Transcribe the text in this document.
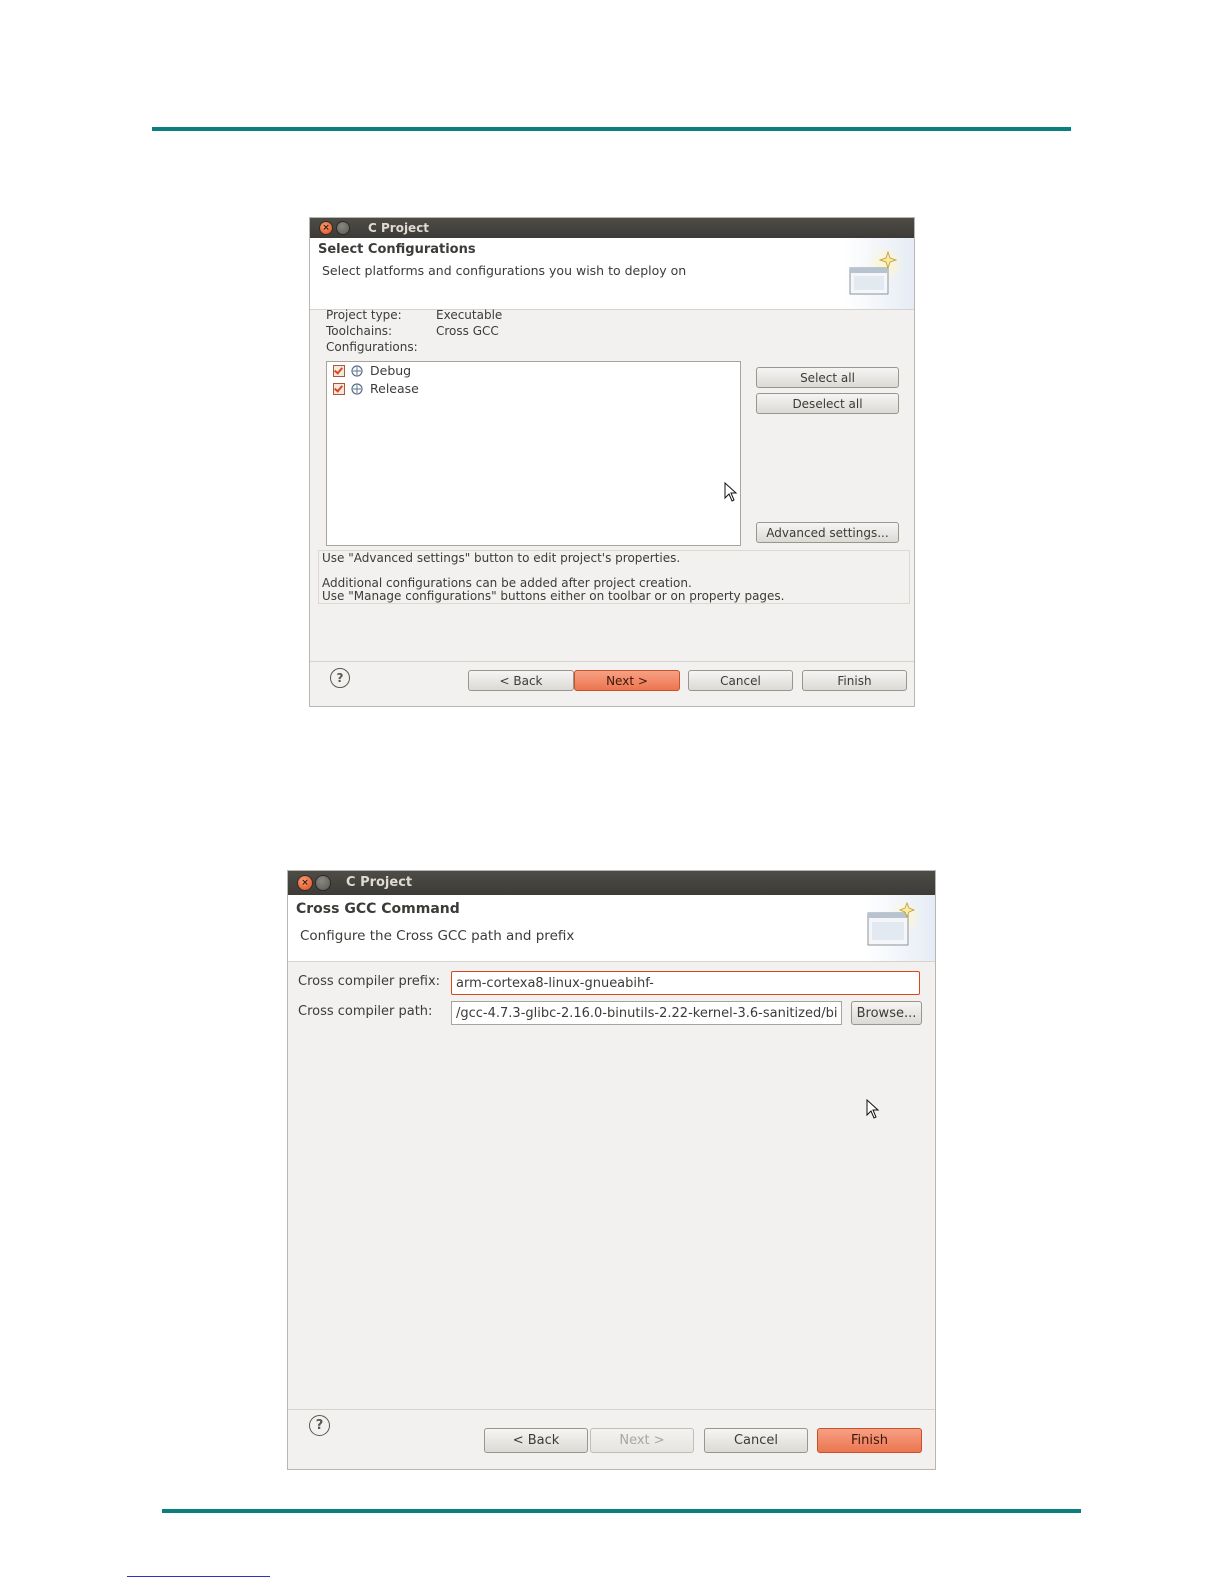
×	C Project
Select Configurations
Select platforms and configurations you wish to deploy on
Project type:	Executable
Toolchains:	Cross GCC
Configurations:
Debug
Release
Select all
Deselect all
Advanced settings...
Use "Advanced settings" button to edit project's properties.
Additional configurations can be added after project creation.
Use "Manage configurations" buttons either on toolbar or on property pages.
?	< Back	Next >	Cancel	Finish
×	C Project
Cross GCC Command
Configure the Cross GCC path and prefix
Cross compiler prefix:
arm-cortexa8-linux-gnueabihf-
Cross compiler path:
/gcc-4.7.3-glibc-2.16.0-binutils-2.22-kernel-3.6-sanitized/bin	Browse...
?
< Back	Next >	Cancel	Finish
